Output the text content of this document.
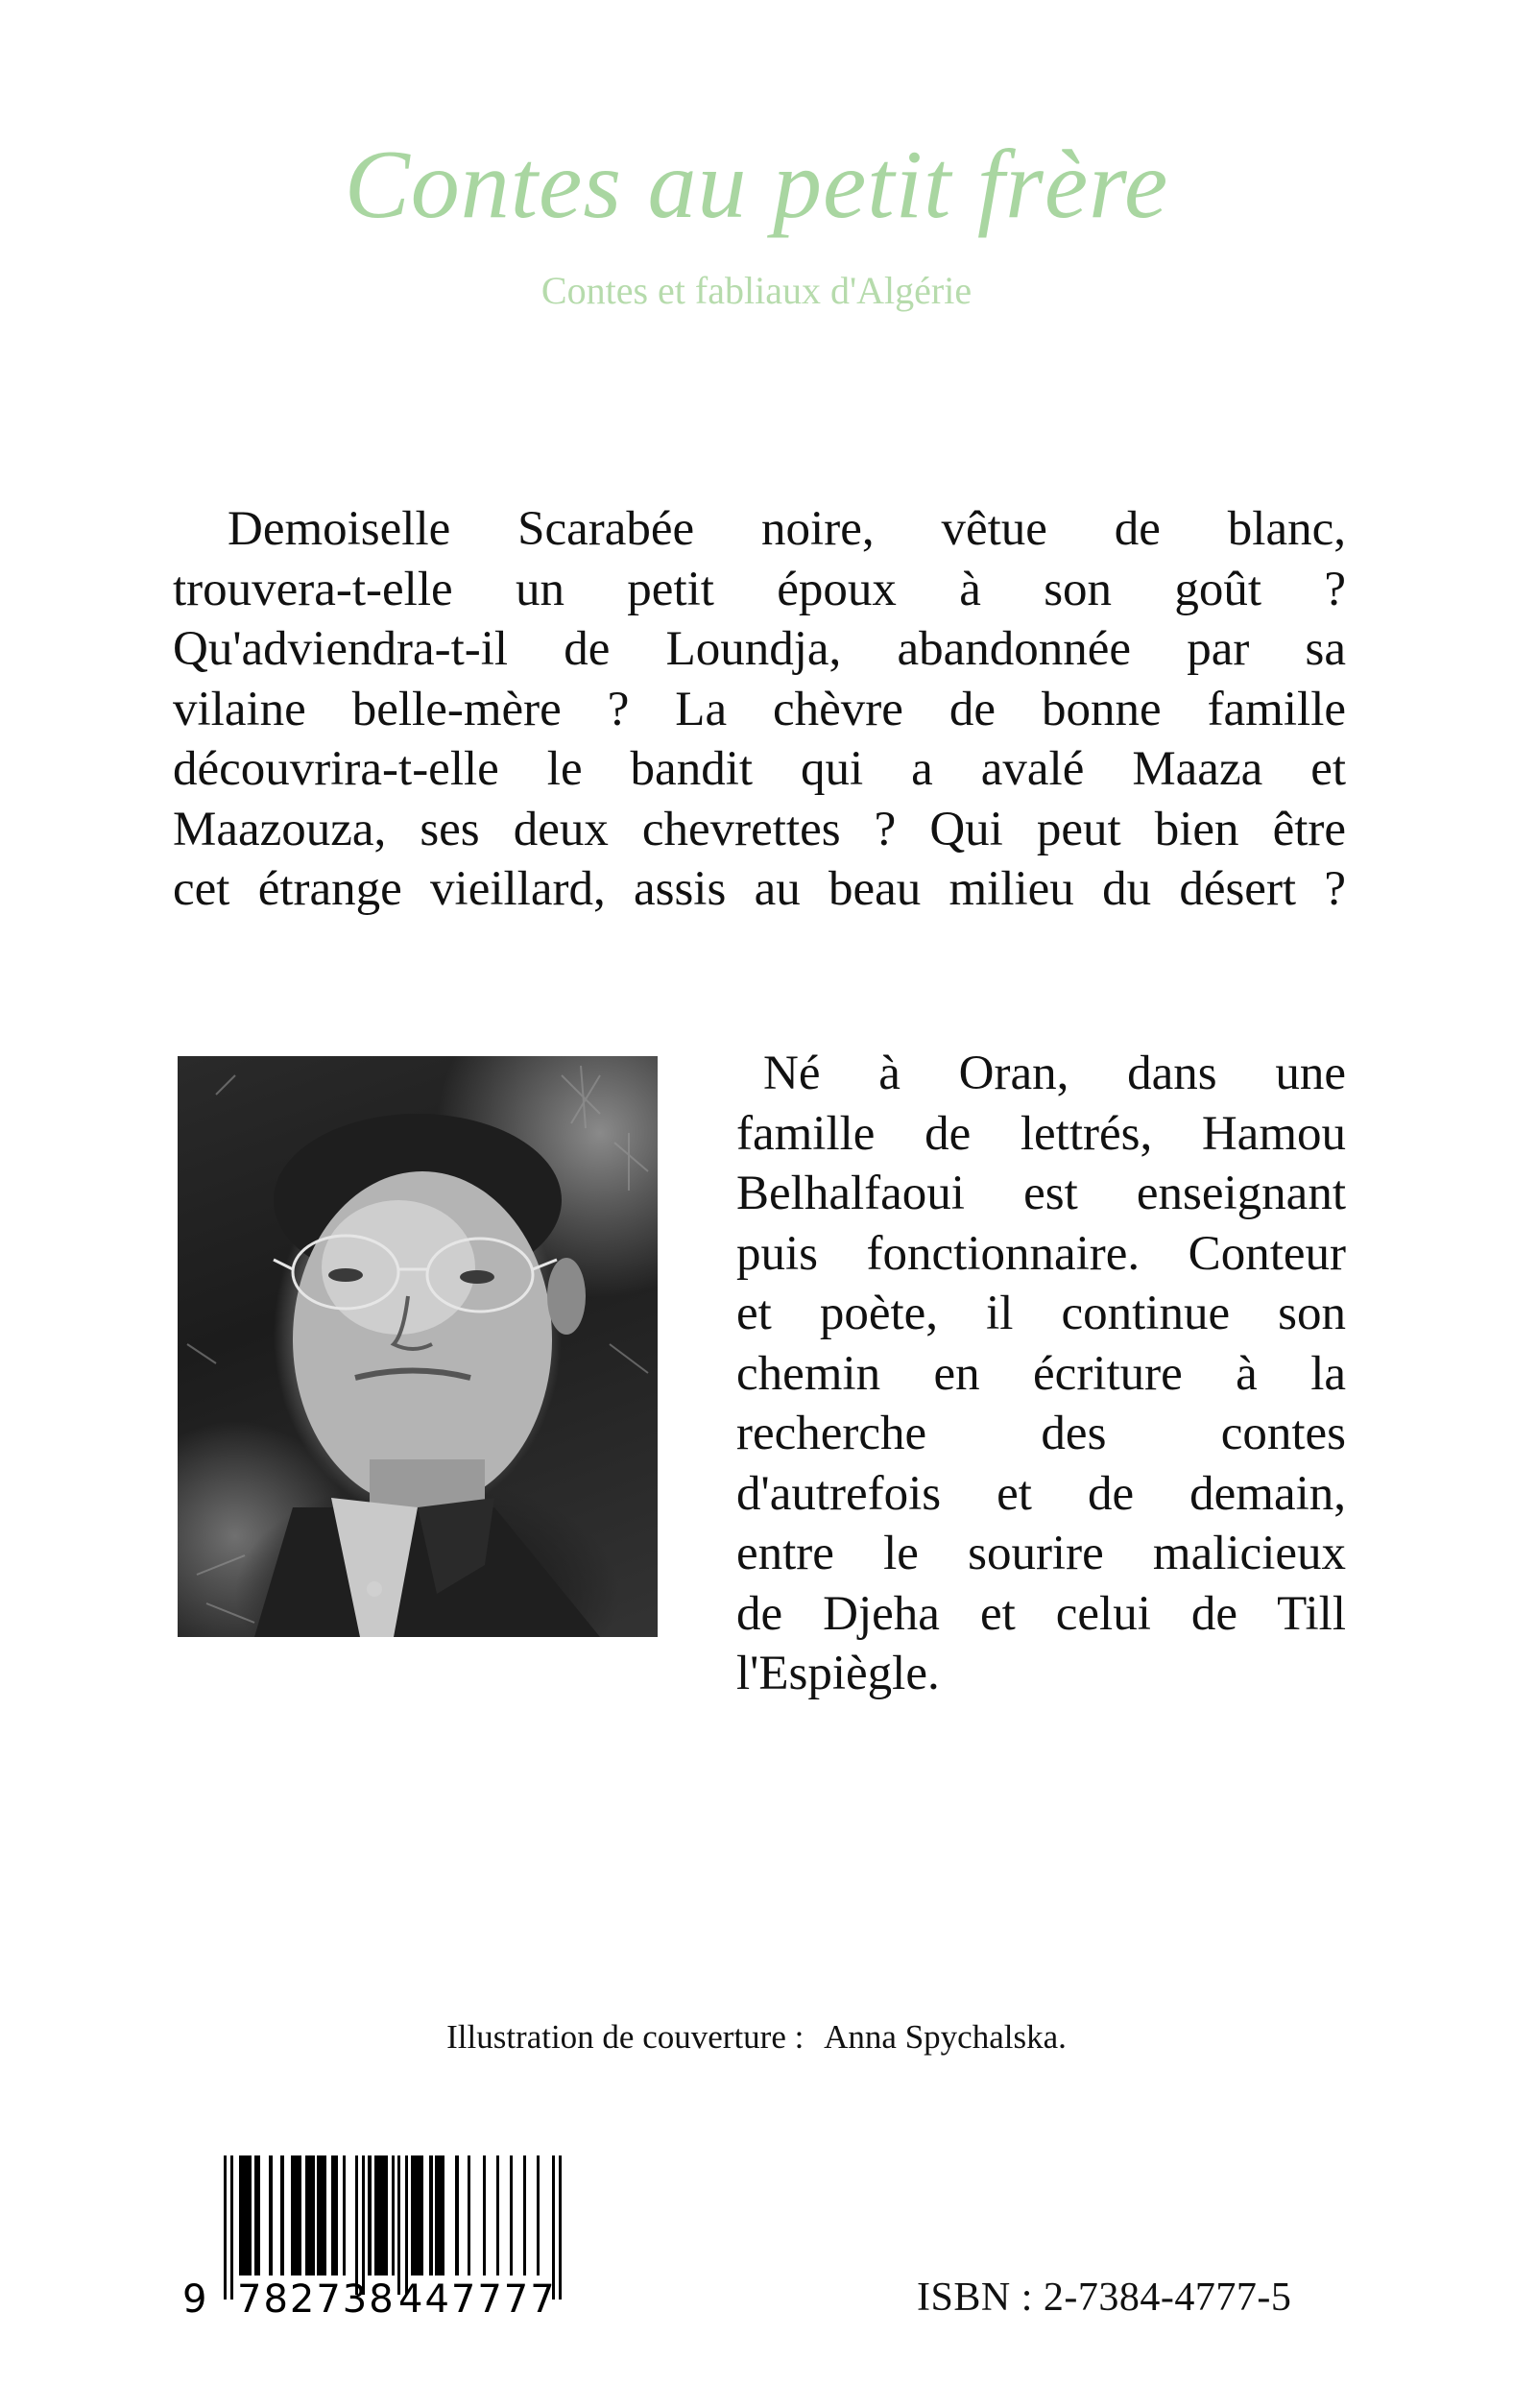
Contes au petit frère
Contes et fabliaux d'Algérie

Demoiselle Scarabée noire, vêtue de blanc,
trouvera-t-elle un petit époux à son goût ?
Qu'adviendra-t-il de Loundja, abandonnée par sa
vilaine belle-mère ? La chèvre de bonne famille
découvrira-t-elle le bandit qui a avalé Maaza et
Maazouza, ses deux chevrettes ? Qui peut bien être
cet étrange vieillard, assis au beau milieu du désert ?

Né à Oran, dans une
famille de lettrés, Hamou
Belhalfaoui est enseignant
puis fonctionnaire. Conteur
et poète, il continue son
chemin en écriture à la
recherche des contes
d'autrefois et de demain,
entre le sourire malicieux
de Djeha et celui de Till
l'Espiègle.

Illustration de couverture : Anna Spychalska.

9 782738 447777	ISBN : 2-7384-4777-5
